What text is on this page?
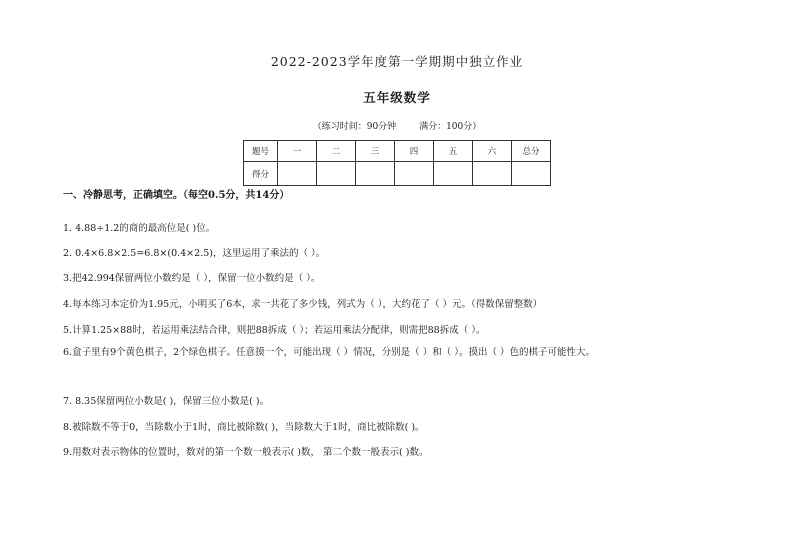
2022-2023学年度第一学期期中独立作业
五年级数学
（练习时间：90分钟        满分：100分）
题号	一	二	三	四	五	六	总分
得分							
一、冷静思考，正确填空。（每空0.5分，共14分）
1. 4.88÷1.2的商的最高位是( )位。
2. 0.4×6.8×2.5=6.8×(0.4×2.5)，这里运用了乘法的（ ）。
3.把42.994保留两位小数约是（ ），保留一位小数约是（ ）。
4.每本练习本定价为1.95元，小明买了6本，求一共花了多少钱，列式为（ ），大约花了（ ）元。（得数保留整数）
5.计算1.25×88时，若运用乘法结合律，则把88拆成（ ）；若运用乘法分配律，则需把88拆成（ ）。
6.盒子里有9个黄色棋子，2个绿色棋子。任意摸一个，可能出现（ ）情况，分别是（ ）和（ ）。摸出（ ）色的棋子可能性大。
7. 8.35保留两位小数是( )，保留三位小数是( )。
8.被除数不等于0，当除数小于1时，商比被除数( )，当除数大于1时，商比被除数( )。
9.用数对表示物体的位置时，数对的第一个数一般表示( )数， 第二个数一般表示( )数。
